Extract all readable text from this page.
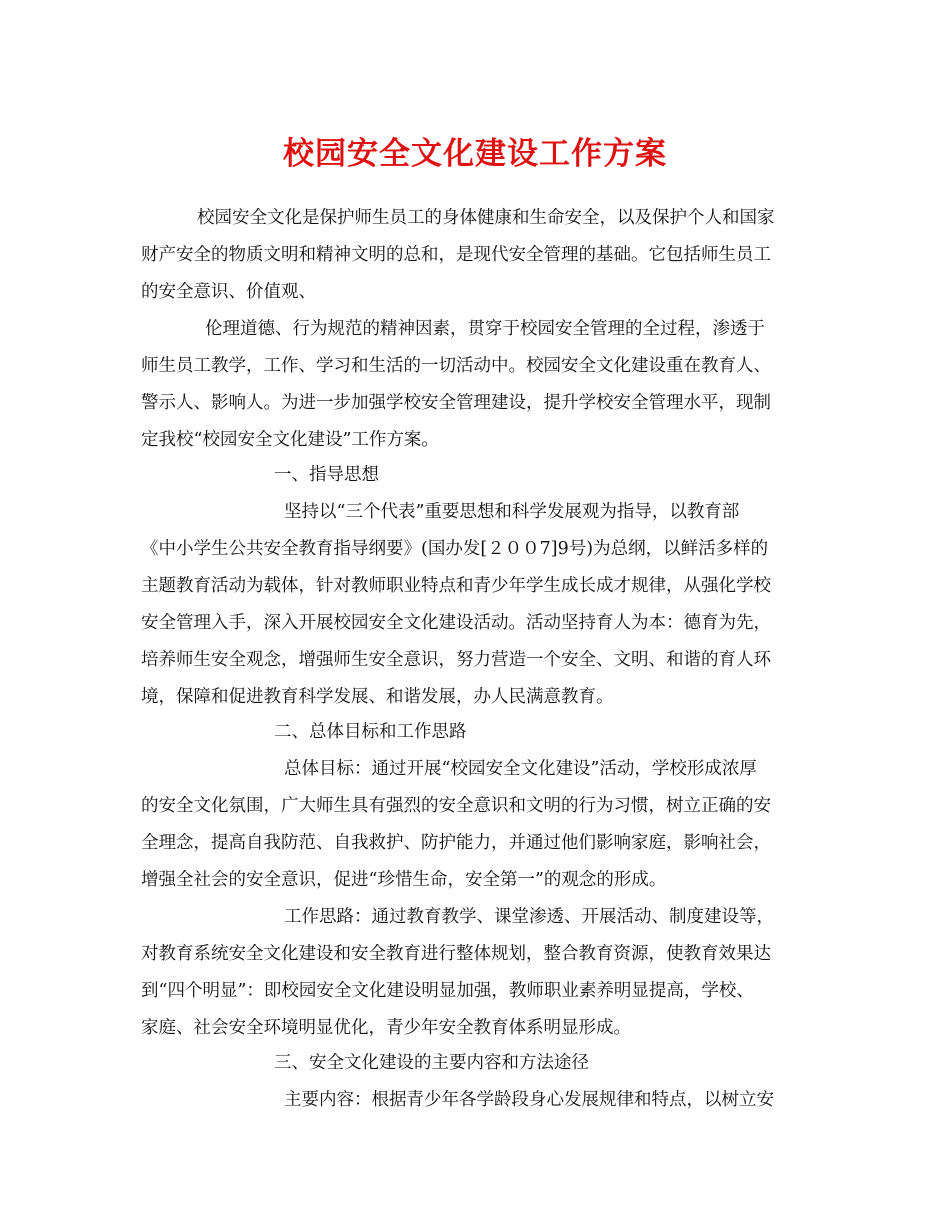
校园安全文化建设工作方案
校园安全文化是保护师生员工的身体健康和生命安全，以及保护个人和国家
财产安全的物质文明和精神文明的总和，是现代安全管理的基础。它包括师生员工
的安全意识、价值观、
伦理道德、行为规范的精神因素，贯穿于校园安全管理的全过程，渗透于
师生员工教学，工作、学习和生活的一切活动中。校园安全文化建设重在教育人、
警示人、影响人。为进一步加强学校安全管理建设，提升学校安全管理水平，现制
定我校“校园安全文化建设”工作方案。
一、指导思想
坚持以“三个代表”重要思想和科学发展观为指导，以教育部
《中小学生公共安全教育指导纲要》(国办发[２００7]9号)为总纲，以鲜活多样的
主题教育活动为载体，针对教师职业特点和青少年学生成长成才规律，从强化学校
安全管理入手，深入开展校园安全文化建设活动。活动坚持育人为本：德育为先，
培养师生安全观念，增强师生安全意识，努力营造一个安全、文明、和谐的育人环
境，保障和促进教育科学发展、和谐发展，办人民满意教育。
二、总体目标和工作思路
总体目标：通过开展“校园安全文化建设”活动，学校形成浓厚
的安全文化氛围，广大师生具有强烈的安全意识和文明的行为习惯，树立正确的安
全理念，提高自我防范、自我救护、防护能力，并通过他们影响家庭，影响社会，
增强全社会的安全意识，促进“珍惜生命，安全第一”的观念的形成。
工作思路：通过教育教学、课堂渗透、开展活动、制度建设等，
对教育系统安全文化建设和安全教育进行整体规划，整合教育资源，使教育效果达
到“四个明显”：即校园安全文化建设明显加强，教师职业素养明显提高，学校、
家庭、社会安全环境明显优化，青少年安全教育体系明显形成。
三、安全文化建设的主要内容和方法途径
主要内容：根据青少年各学龄段身心发展规律和特点，以树立安
